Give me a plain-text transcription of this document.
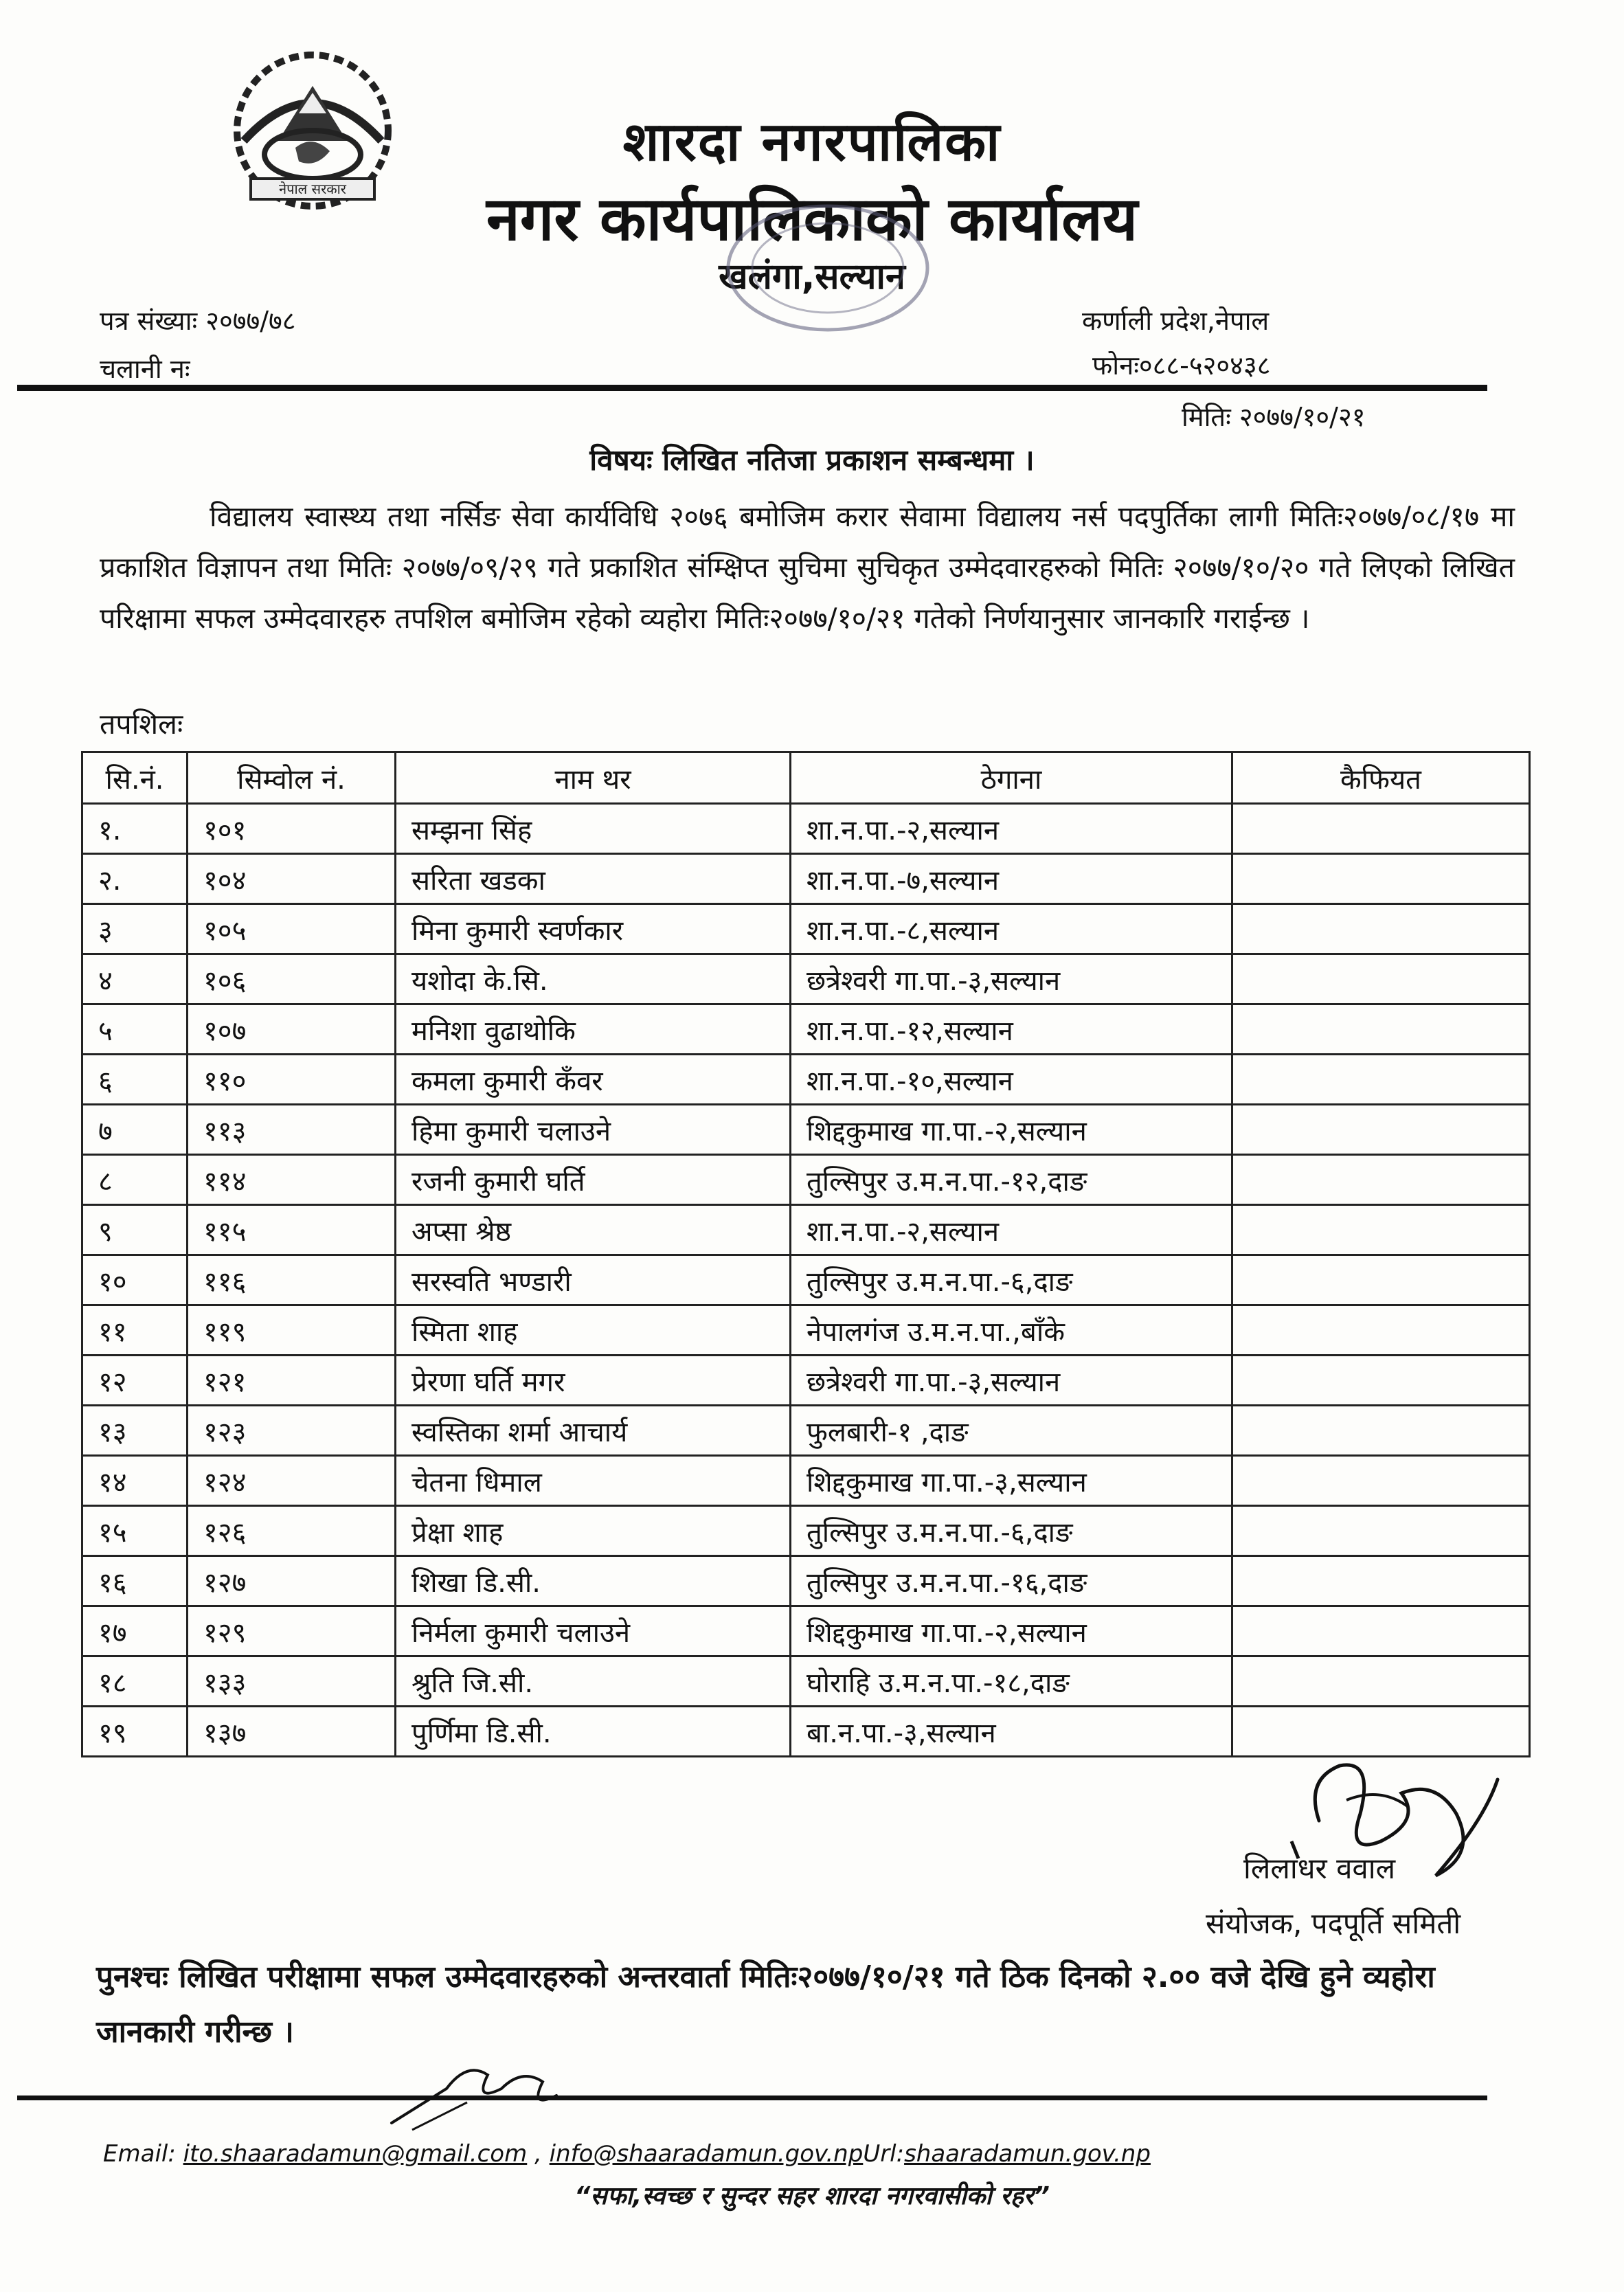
नेपाल सरकार
शारदा नगरपालिका
नगर कार्यपालिकाको कार्यालय
खलंगा,सल्यान
पत्र संख्याः २०७७/७८
चलानी नः
कर्णाली प्रदेश,नेपाल
फोनः०८८-५२०४३८
मितिः २०७७/१०/२१
विषयः लिखित नतिजा प्रकाशन सम्बन्धमा ।

विद्यालय स्वास्थ्य तथा नर्सिङ सेवा कार्यविधि २०७६ बमोजिम करार सेवामा विद्यालय नर्स पदपुर्तिका लागी मितिः२०७७/०८/१७ मा प्रकाशित विज्ञापन तथा मितिः २०७७/०९/२९ गते प्रकाशित संम्क्षिप्त सुचिमा सुचिकृत उम्मेदवारहरुको मितिः २०७७/१०/२० गते लिएको लिखित परिक्षामा सफल उम्मेदवारहरु तपशिल बमोजिम रहेको व्यहोरा मितिः२०७७/१०/२१ गतेको निर्णयानुसार जानकारि गराईन्छ ।

तपशिलः
सि.नं.	सिम्वोल नं.	नाम थर	ठेगाना	कैफियत
१.	१०१	सम्झना सिंह	शा.न.पा.-२,सल्यान	
२.	१०४	सरिता खडका	शा.न.पा.-७,सल्यान	
३	१०५	मिना कुमारी स्वर्णकार	शा.न.पा.-८,सल्यान	
४	१०६	यशोदा के.सि.	छत्रेश्वरी गा.पा.-३,सल्यान	
५	१०७	मनिशा वुढाथोकि	शा.न.पा.-१२,सल्यान	
६	११०	कमला कुमारी कँवर	शा.न.पा.-१०,सल्यान	
७	११३	हिमा कुमारी चलाउने	शिद्दकुमाख गा.पा.-२,सल्यान	
८	११४	रजनी कुमारी घर्ति	तुल्सिपुर उ.म.न.पा.-१२,दाङ	
९	११५	अप्सा श्रेष्ठ	शा.न.पा.-२,सल्यान	
१०	११६	सरस्वति भण्डारी	तुल्सिपुर उ.म.न.पा.-६,दाङ	
११	११९	स्मिता शाह	नेपालगंज उ.म.न.पा.,बाँके	
१२	१२१	प्रेरणा घर्ति मगर	छत्रेश्वरी गा.पा.-३,सल्यान	
१३	१२३	स्वस्तिका शर्मा आचार्य	फुलबारी-१ ,दाङ	
१४	१२४	चेतना धिमाल	शिद्दकुमाख गा.पा.-३,सल्यान	
१५	१२६	प्रेक्षा शाह	तुल्सिपुर उ.म.न.पा.-६,दाङ	
१६	१२७	शिखा डि.सी.	तुल्सिपुर उ.म.न.पा.-१६,दाङ	
१७	१२९	निर्मला कुमारी चलाउने	शिद्दकुमाख गा.पा.-२,सल्यान	
१८	१३३	श्रुति जि.सी.	घोराहि उ.म.न.पा.-१८,दाङ	
१९	१३७	पुर्णिमा डि.सी.	बा.न.पा.-३,सल्यान	
लिलाधर ववाल
संयोजक, पदपूर्ति समिती
पुनश्चः लिखित परीक्षामा सफल उम्मेदवारहरुको अन्तरवार्ता मितिः२०७७/१०/२१ गते ठिक दिनको २.०० वजे देखि हुने व्यहोरा जानकारी गरीन्छ ।
Email: ito.shaaradamun@gmail.com , info@shaaradamun.gov.npUrl:shaaradamun.gov.np
“सफा,स्वच्छ र सुन्दर सहर शारदा नगरवासीको रहर”
